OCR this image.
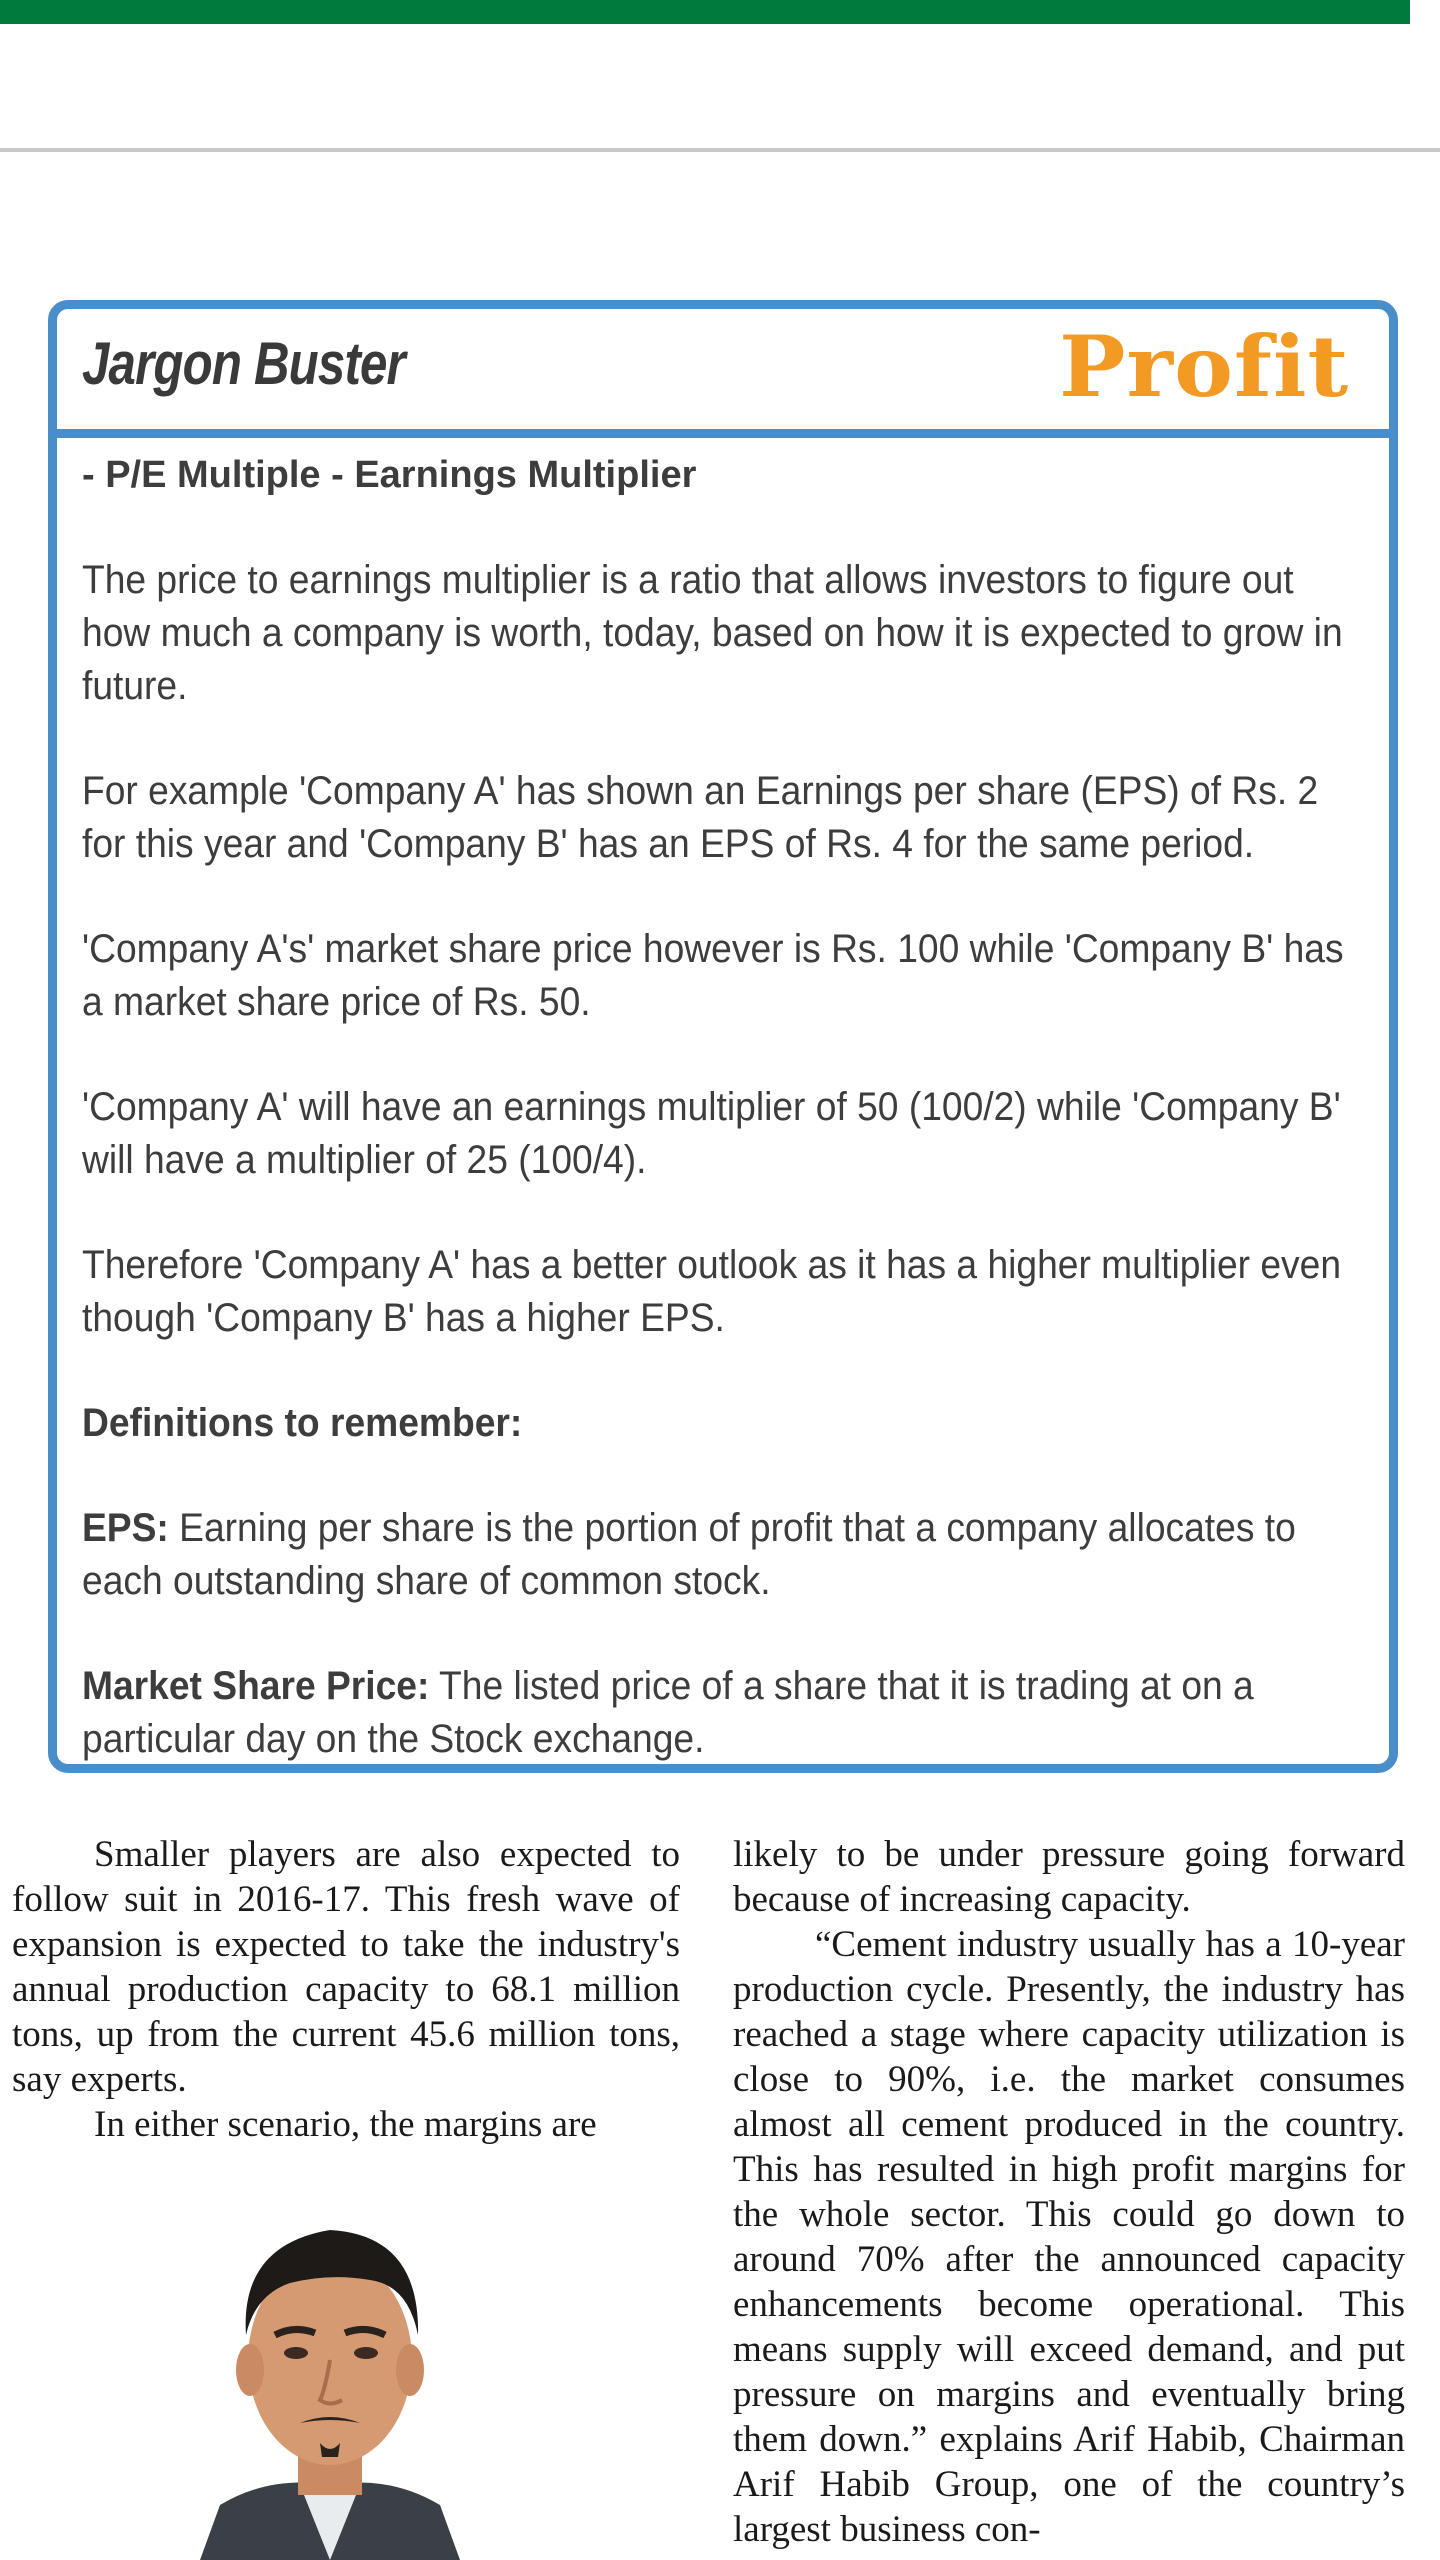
Jargon Buster	Profit

- P/E Multiple - Earnings Multiplier

The price to earnings multiplier is a ratio that allows investors to figure out how much a company is worth, today, based on how it is expected to grow in future.

For example 'Company A' has shown an Earnings per share (EPS) of Rs. 2 for this year and 'Company B' has an EPS of Rs. 4 for the same period.

'Company A's' market share price however is Rs. 100 while 'Company B' has a market share price of Rs. 50.

'Company A' will have an earnings multiplier of 50 (100/2) while 'Company B' will have a multiplier of 25 (100/4).

Therefore 'Company A' has a better outlook as it has a higher multiplier even though 'Company B' has a higher EPS.

Definitions to remember:

EPS: Earning per share is the portion of profit that a company allocates to each outstanding share of common stock.

Market Share Price: The listed price of a share that it is trading at on a particular day on the Stock exchange.

Smaller players are also expected to follow suit in 2016-17. This fresh wave of expansion is expected to take the industry's annual production capacity to 68.1 million tons, up from the current 45.6 million tons, say experts.

In either scenario, the margins are

likely to be under pressure going forward because of increasing capacity.

“Cement industry usually has a 10-year production cycle. Presently, the industry has reached a stage where capacity utilization is close to 90%, i.e. the market consumes almost all cement produced in the country. This has resulted in high profit margins for the whole sector. This could go down to around 70% after the announced capacity enhancements become operational. This means supply will exceed demand, and put pressure on margins and eventually bring them down.” explains Arif Habib, Chairman Arif Habib Group, one of the country’s largest business con-
